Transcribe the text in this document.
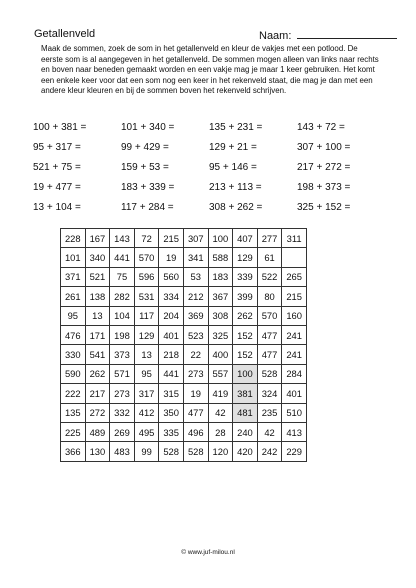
Getallenveld	Naam:
Maak de sommen, zoek de som in het getallenveld en kleur de vakjes met een potlood. De eerste som is al aangegeven in het getallenveld. De sommen mogen alleen van links naar rechts en boven naar beneden gemaakt worden en een vakje mag je maar 1 keer gebruiken. Het komt een enkele keer voor dat een som nog een keer in het rekenveld staat, die mag je dan met een andere kleur kleuren en bij de sommen boven het rekenveld schrijven.
100 + 381 =	101 + 340 =	135 + 231 =	143 + 72 =
95 + 317 =	99 + 429 =	129 + 21 =	307 + 100 =
521 + 75 =	159 + 53 =	95 + 146 =	217 + 272 =
19 + 477 =	183 + 339 =	213 + 113 =	198 + 373 =
13 + 104 =	117 + 284 =	308 + 262 =	325 + 152 =
228	167	143	72	215	307	100	407	277	311
101	340	441	570	19	341	588	129	61	
371	521	75	596	560	53	183	339	522	265
261	138	282	531	334	212	367	399	80	215
95	13	104	117	204	369	308	262	570	160
476	171	198	129	401	523	325	152	477	241
330	541	373	13	218	22	400	152	477	241
590	262	571	95	441	273	557	100	528	284
222	217	273	317	315	19	419	381	324	401
135	272	332	412	350	477	42	481	235	510
225	489	269	495	335	496	28	240	42	413
366	130	483	99	528	528	120	420	242	229
© www.juf-milou.nl
